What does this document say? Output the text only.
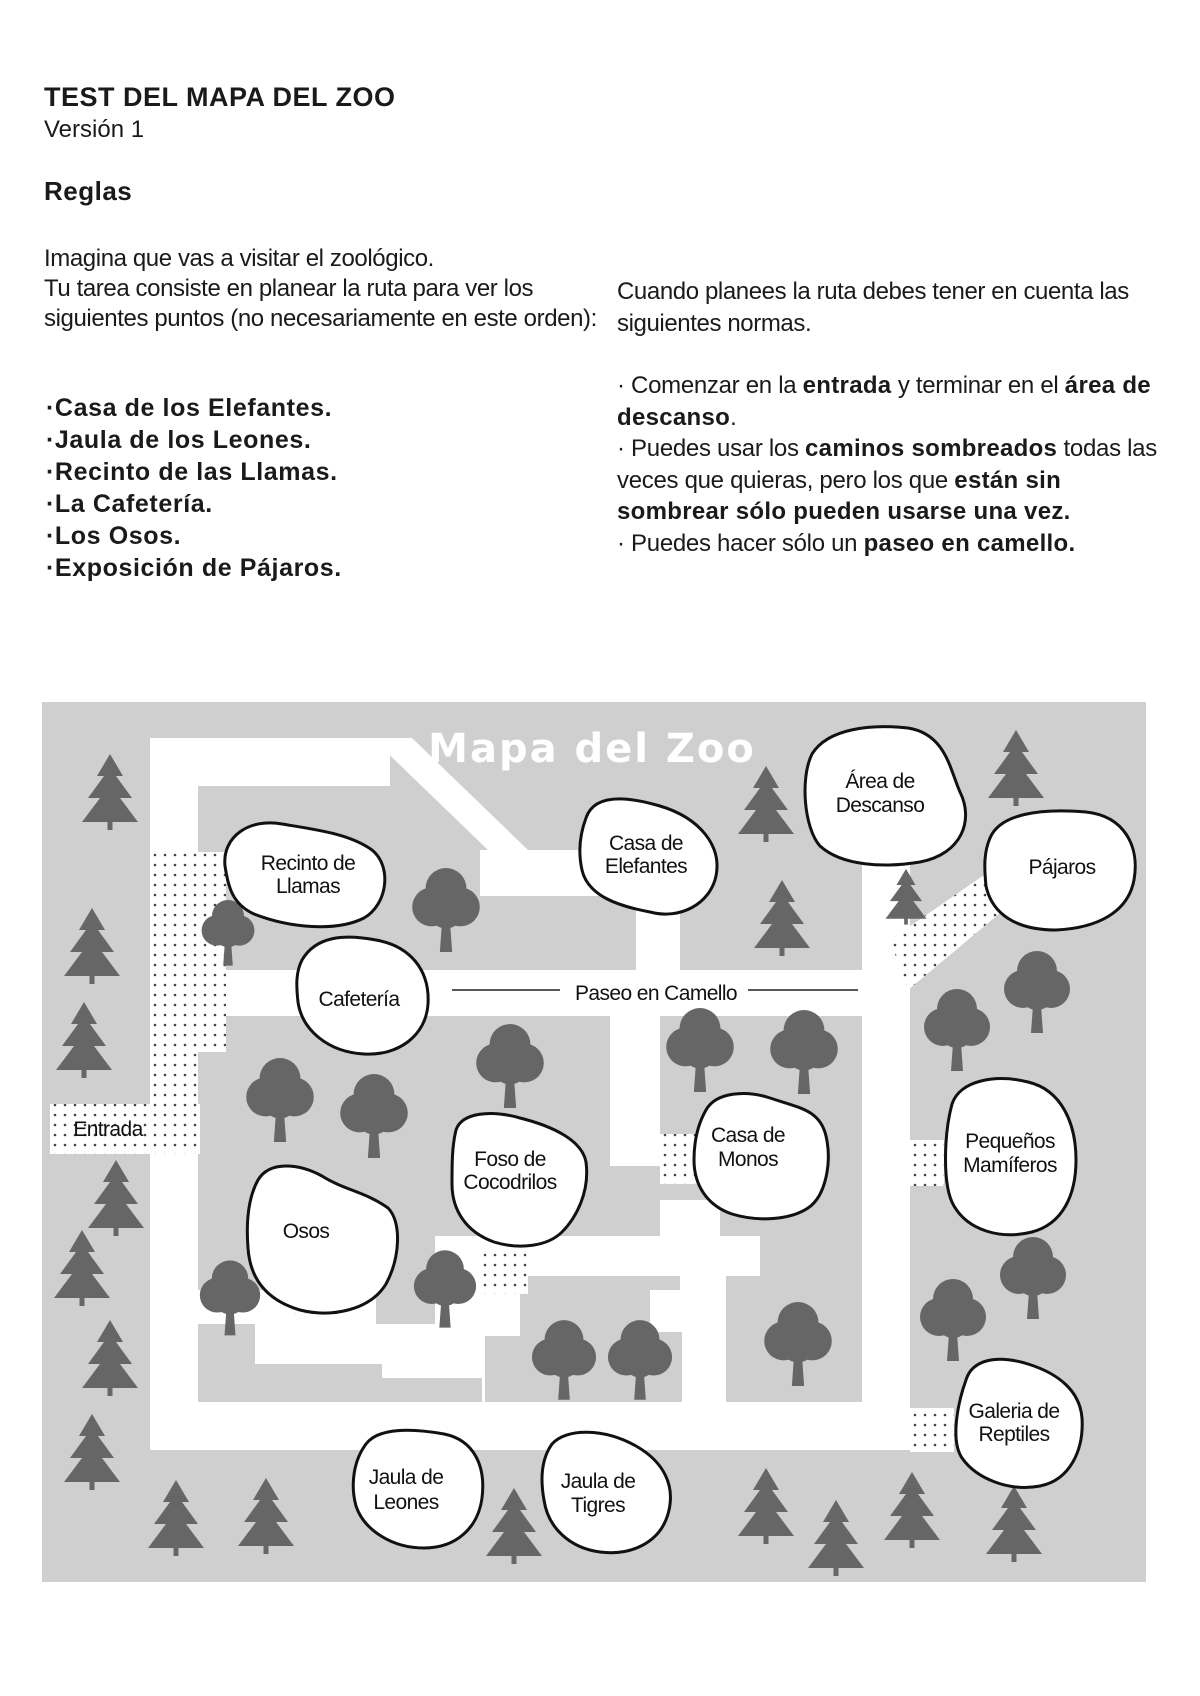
TEST DEL MAPA DEL ZOO
Versión 1
Reglas

Imagina que vas a visitar el zoológico.

Tu tarea consiste en planear la ruta para ver los siguientes puntos (no necesariamente en este orden):

·Casa de los Elefantes.
·Jaula de los Leones.
·Recinto de las Llamas.
·La Cafetería.
·Los Osos.
·Exposición de Pájaros.
Cuando planees la ruta debes tener en cuenta las siguientes normas.

· Comenzar en la entrada y terminar en el área de descanso.

· Puedes usar los caminos sombreados todas las veces que quieras, pero los que están sin sombrear sólo pueden usarse una vez.

· Puedes hacer sólo un paseo en camello.

Mapa del Zoo
Paseo en Camello
Entrada
Recinto de Llamas
Casa de Elefantes
Área de Descanso
Pájaros
Cafetería
Foso de Cocodrilos
Casa de Monos
Pequeños Mamíferos
Osos
Galeria de Reptiles
Jaula de Leones
Jaula de Tigres
